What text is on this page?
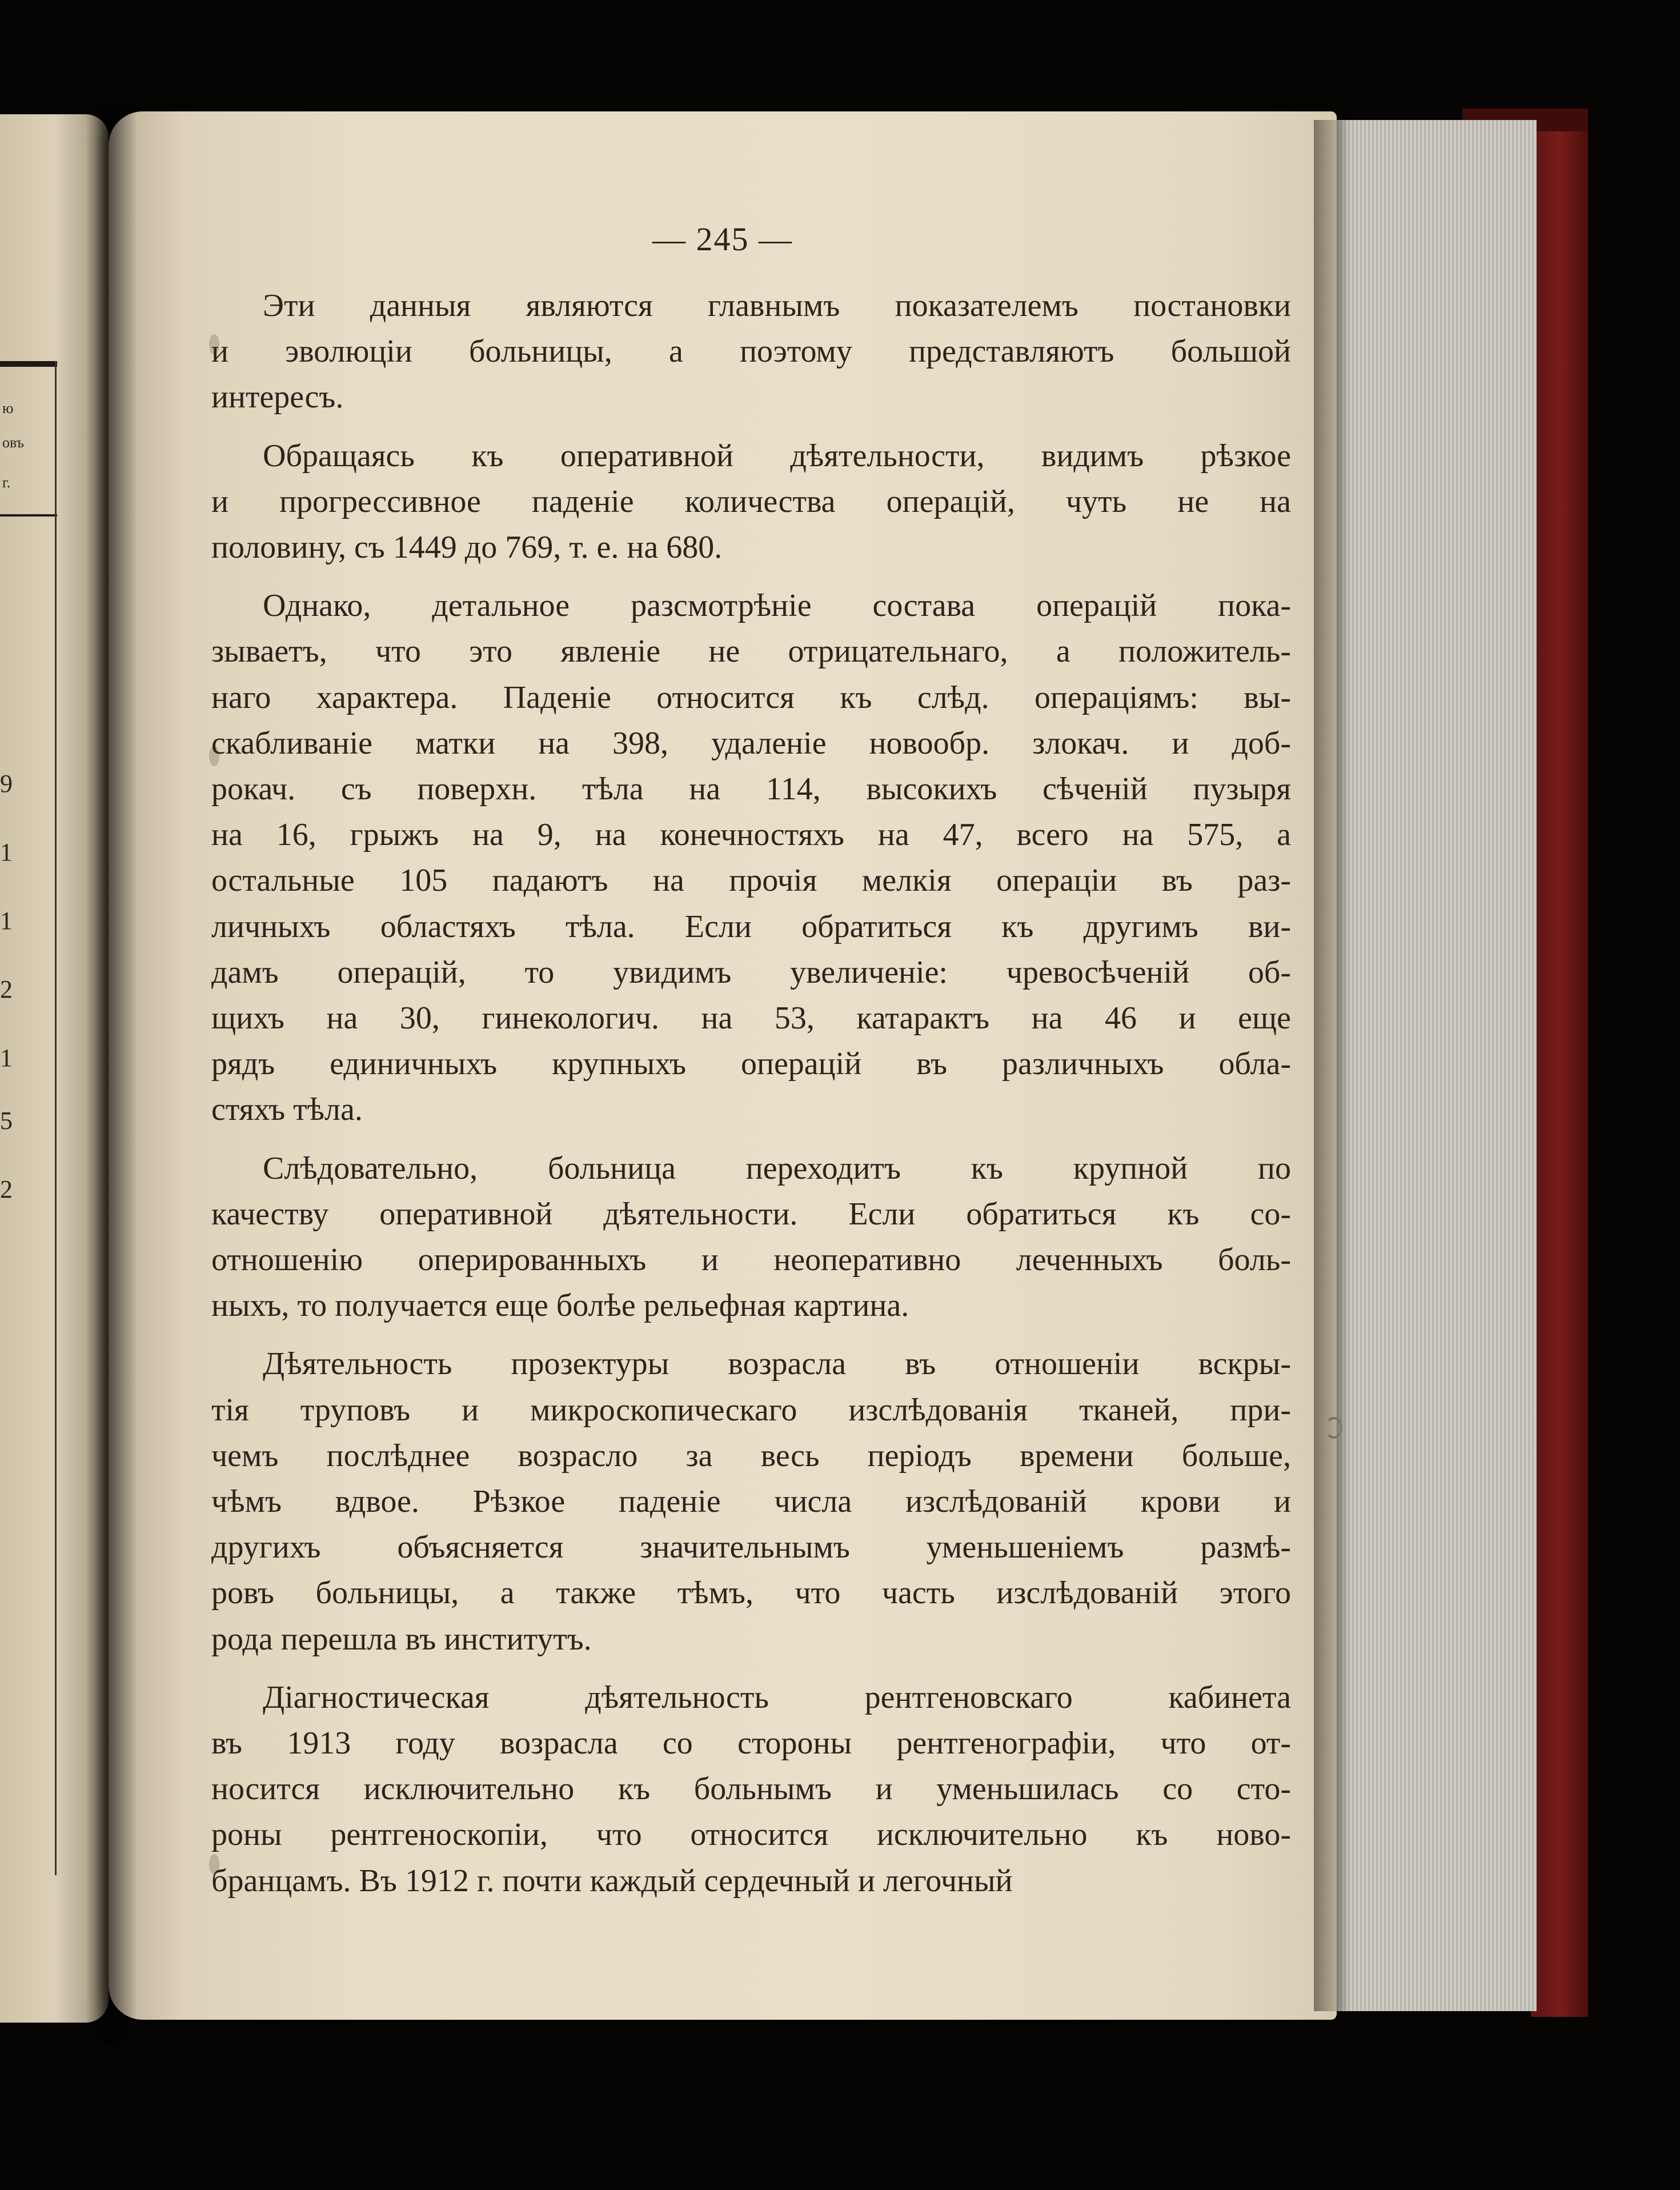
ю
овъ
г.
9
1
1
2
1
5
2
— 245 —
Эти данныя являются главнымъ показателемъ постановки
и эволюціи больницы, а поэтому представляютъ большой
интересъ.
Обращаясь къ оперативной дѣятельности, видимъ рѣзкое
и прогрессивное паденіе количества операцій, чуть не на
половину, съ 1449 до 769, т. е. на 680.
Однако, детальное разсмотрѣніе состава операцій пока-
зываетъ, что это явленіе не отрицательнаго, а положитель-
наго характера. Паденіе относится къ слѣд. операціямъ: вы-
скабливаніе матки на 398, удаленіе новообр. злокач. и доб-
рокач. съ поверхн. тѣла на 114, высокихъ сѣченій пузыря
на 16, грыжъ на 9, на конечностяхъ на 47, всего на 575, а
остальные 105 падаютъ на прочія мелкія операціи въ раз-
личныхъ областяхъ тѣла. Если обратиться къ другимъ ви-
дамъ операцій, то увидимъ увеличеніе: чревосѣченій об-
щихъ на 30, гинекологич. на 53, катарактъ на 46 и еще
рядъ единичныхъ крупныхъ операцій въ различныхъ обла-
стяхъ тѣла.
Слѣдовательно, больница переходитъ къ крупной по
качеству оперативной дѣятельности. Если обратиться къ со-
отношенію оперированныхъ и неоперативно леченныхъ боль-
ныхъ, то получается еще болѣе рельефная картина.
Дѣятельность прозектуры возрасла въ отношеніи вскры-
тія труповъ и микроскопическаго изслѣдованія тканей, при-
чемъ послѣднее возрасло за весь періодъ времени больше,
чѣмъ вдвое. Рѣзкое паденіе числа изслѣдованій крови и
другихъ объясняется значительнымъ уменьшеніемъ размѣ-
ровъ больницы, а также тѣмъ, что часть изслѣдованій этого
рода перешла въ институтъ.
Діагностическая дѣятельность рентгеновскаго кабинета
въ 1913 году возрасла со стороны рентгенографіи, что от-
носится исключительно къ больнымъ и уменьшилась со сто-
роны рентгеноскопіи, что относится исключительно къ ново-
бранцамъ. Въ 1912 г. почти каждый сердечный и легочный
